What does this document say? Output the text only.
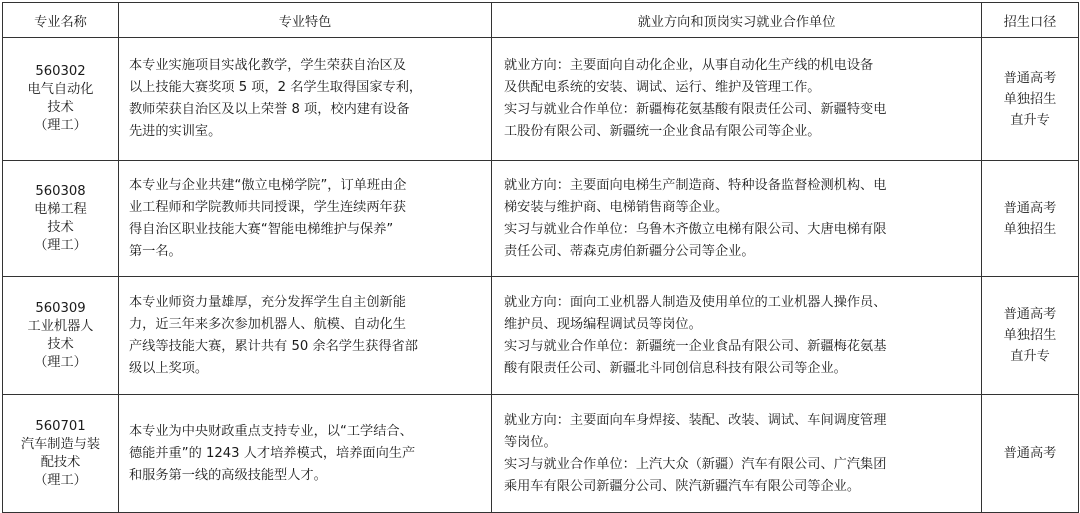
专业名称	专业特色	就业方向和顶岗实习就业合作单位	招生口径

560302
电气自动化
技术
（理工）	本专业实施项目实战化教学，学生荣获自治区及
以上技能大赛奖项 5 项，2 名学生取得国家专利，
教师荣获自治区及以上荣誉 8 项，校内建有设备
先进的实训室。	就业方向：主要面向自动化企业，从事自动化生产线的机电设备
及供配电系统的安装、调试、运行、维护及管理工作。
实习与就业合作单位：新疆梅花氨基酸有限责任公司、新疆特变电
工股份有限公司、新疆统一企业食品有限公司等企业。	普通高考
单独招生
直升专

560308
电梯工程
技术
（理工）	本专业与企业共建“傲立电梯学院”，订单班由企
业工程师和学院教师共同授课，学生连续两年获
得自治区职业技能大赛“智能电梯维护与保养”
第一名。	就业方向：主要面向电梯生产制造商、特种设备监督检测机构、电
梯安装与维护商、电梯销售商等企业。
实习与就业合作单位：乌鲁木齐傲立电梯有限公司、大唐电梯有限
责任公司、蒂森克虏伯新疆分公司等企业。	普通高考
单独招生

560309
工业机器人
技术
（理工）	本专业师资力量雄厚，充分发挥学生自主创新能
力，近三年来多次参加机器人、航模、自动化生
产线等技能大赛，累计共有 50 余名学生获得省部
级以上奖项。	就业方向：面向工业机器人制造及使用单位的工业机器人操作员、
维护员、现场编程调试员等岗位。
实习与就业合作单位：新疆统一企业食品有限公司、新疆梅花氨基
酸有限责任公司、新疆北斗同创信息科技有限公司等企业。	普通高考
单独招生
直升专

560701
汽车制造与装
配技术
（理工）	本专业为中央财政重点支持专业，以“工学结合、
德能并重”的 1243 人才培养模式，培养面向生产
和服务第一线的高级技能型人才。	就业方向：主要面向车身焊接、装配、改装、调试、车间调度管理
等岗位。
实习与就业合作单位：上汽大众（新疆）汽车有限公司、广汽集团
乘用车有限公司新疆分公司、陕汽新疆汽车有限公司等企业。	普通高考
